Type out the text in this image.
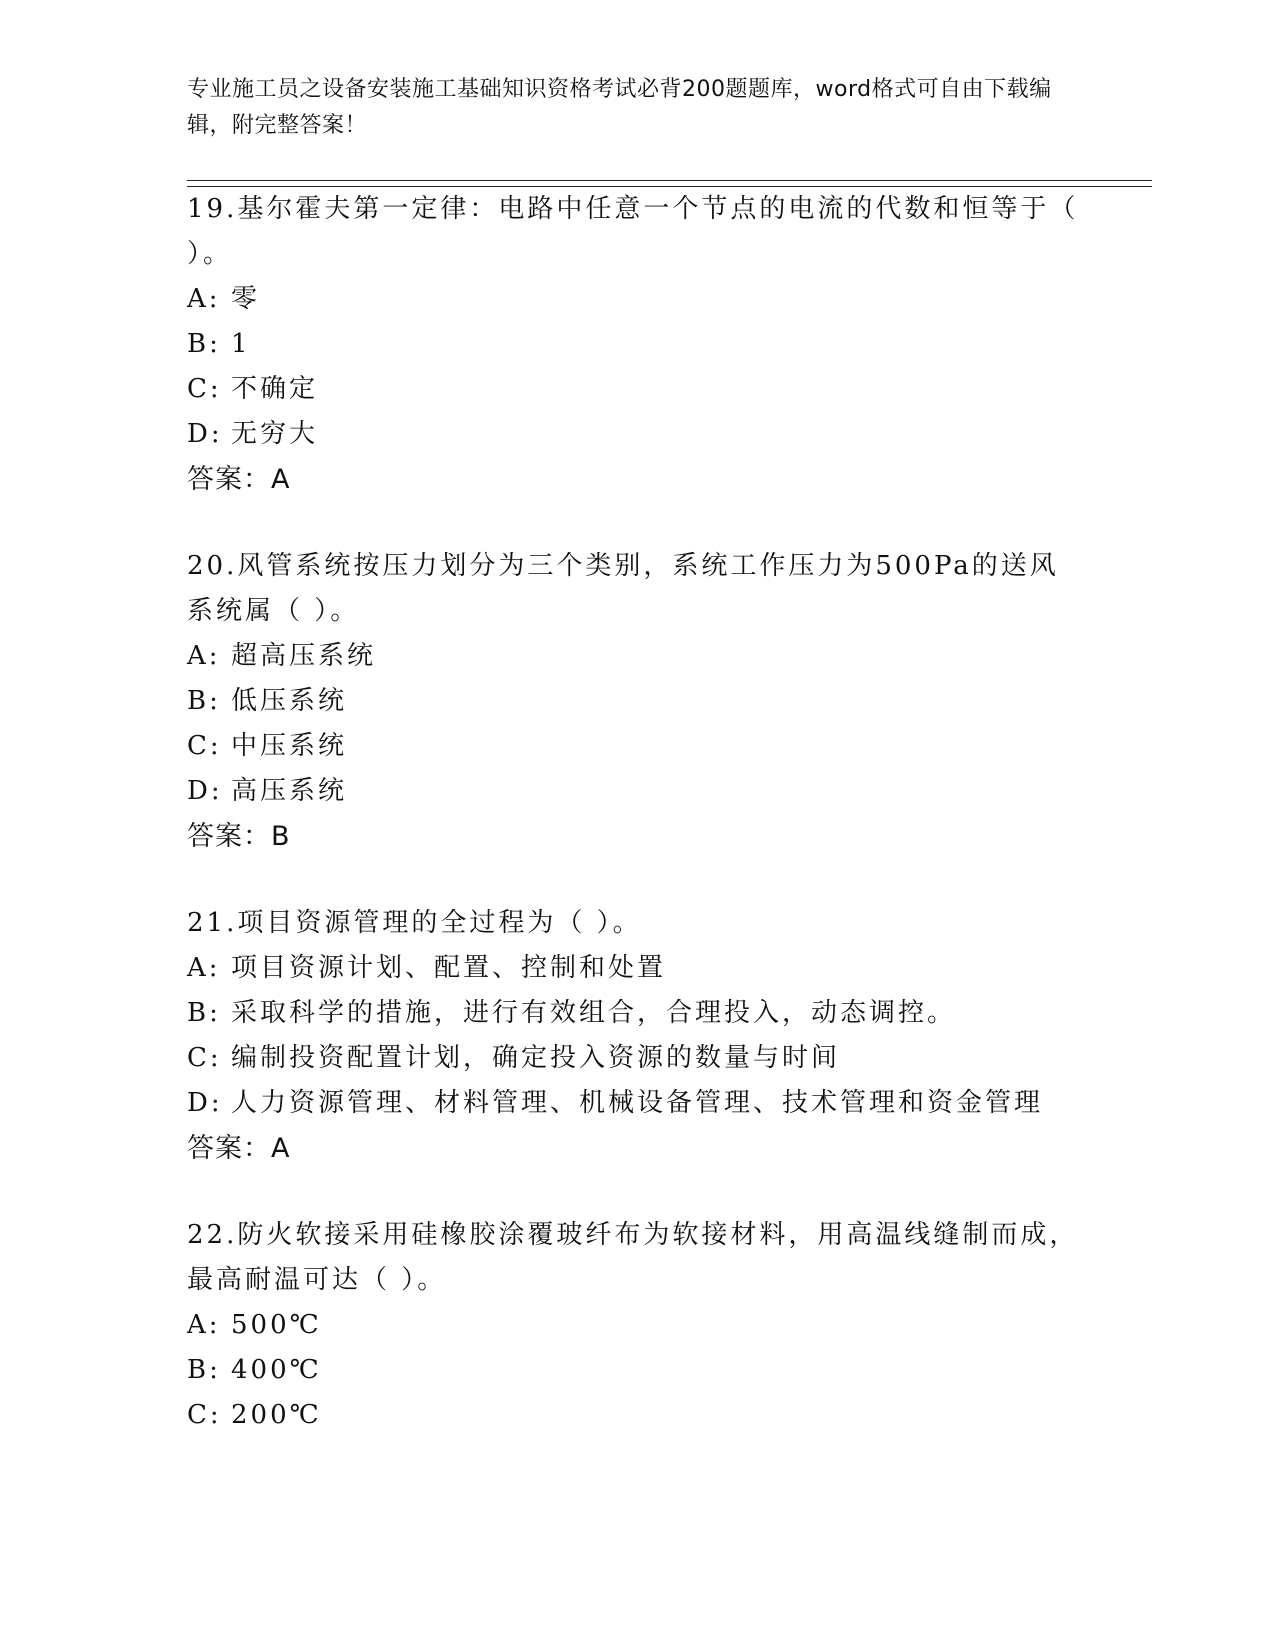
专业施工员之设备安装施工基础知识资格考试必背200题题库，word格式可自由下载编辑，附完整答案！

19.基尔霍夫第一定律：电路中任意一个节点的电流的代数和恒等于（ ）。

A: 零

B: 1

C: 不确定

D: 无穷大

答案：A

20.风管系统按压力划分为三个类别，系统工作压力为500Pa的送风系统属（ ）。

A: 超高压系统

B: 低压系统

C: 中压系统

D: 高压系统

答案：B

21.项目资源管理的全过程为（ ）。

A: 项目资源计划、配置、控制和处置

B: 采取科学的措施，进行有效组合，合理投入，动态调控。

C: 编制投资配置计划，确定投入资源的数量与时间

D: 人力资源管理、材料管理、机械设备管理、技术管理和资金管理

答案：A

22.防火软接采用硅橡胶涂覆玻纤布为软接材料，用高温线缝制而成，最高耐温可达（ ）。

A: 500℃

B: 400℃

C: 200℃
